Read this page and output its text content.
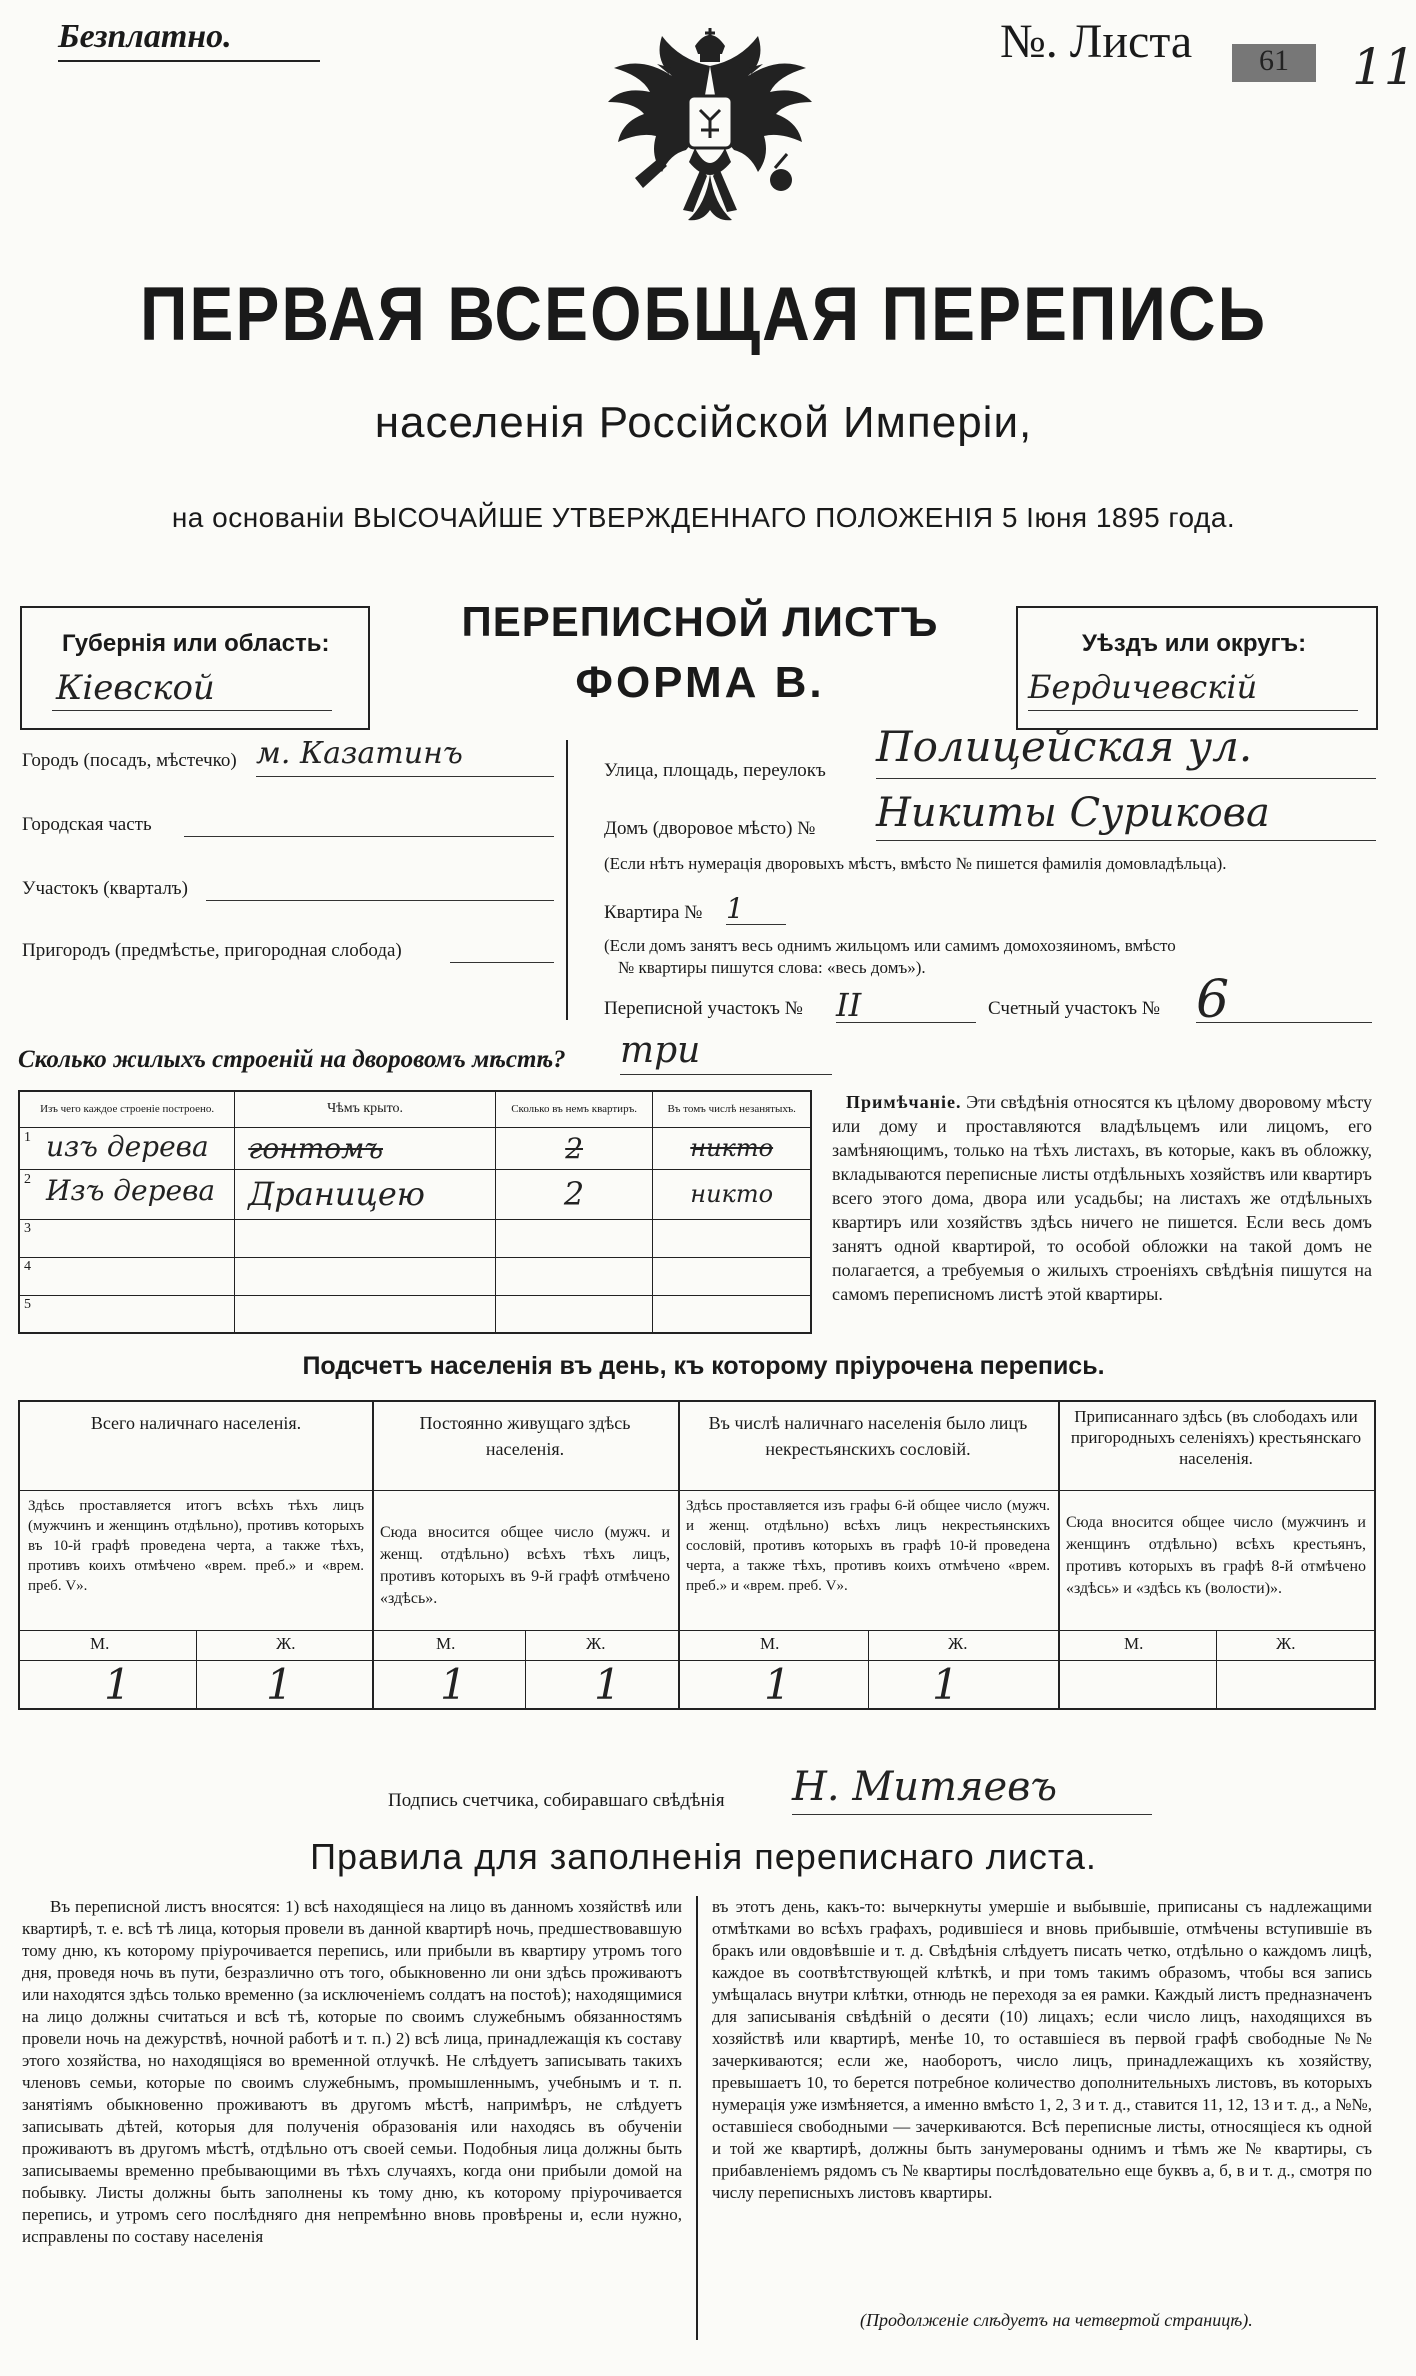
Безплатно.	№. Листа	61	11
ПЕРВАЯ ВСЕОБЩАЯ ПЕРЕПИСЬ
населенія Россійской Имперіи,
на основаніи ВЫСОЧАЙШЕ УТВЕРЖДЕННАГО ПОЛОЖЕНІЯ 5 Іюня 1895 года.
Губернія или область:
Кіевской
ПЕРЕПИСНОЙ ЛИСТЪ
ФОРМА В.
Уѣздъ или округъ:
Бердичевскій
Городъ (посадъ, мѣстечко) м. Казатинъ
Городская часть
Участокъ (кварталъ)
Пригородъ (предмѣстье, пригородная слобода)
Улица, площадь, переулокъ Полицейская ул.
Домъ (дворовое мѣсто) № Никиты Сурикова
(Если нѣтъ нумерація дворовыхъ мѣстъ, вмѣсто № пишется фамилія домовладѣльца).
Квартира № 1
(Если домъ занятъ весь однимъ жильцомъ или самимъ домохозяиномъ, вмѣсто
№ квартиры пишутся слова: «весь домъ»).
Переписной участокъ № II	Счетный участокъ № 6
Сколько жилыхъ строеній на дворовомъ мѣстѣ? три
Изъ чего каждое строеніе построено.	Чѣмъ крыто.	Сколько въ немъ квартиръ.	Въ томъ числѣ незанятыхъ.

1 изъ дерева	гонтомъ	2	никто

2 Изъ дерева	Драницею	2	никто
3			
4			
5			
Примѣчаніе. Эти свѣдѣнія относятся къ цѣлому дворовому мѣсту или дому и проставляются владѣльцемъ или лицомъ, его замѣняющимъ, только на тѣхъ листахъ, въ которые, какъ въ обложку, вкладываются переписные листы отдѣльныхъ хозяйствъ или квартиръ всего этого дома, двора или усадьбы; на листахъ же отдѣльныхъ квартиръ или хозяйствъ здѣсь ничего не пишется. Если весь домъ занятъ одной квартирой, то особой обложки на такой домъ не полагается, а требуемыя о жилыхъ строеніяхъ свѣдѣнія пишутся на самомъ переписномъ листѣ этой квартиры.
Подсчетъ населенія въ день, къ которому пріурочена перепись.
Всего наличнаго населенія.
Здѣсь проставляется итогъ всѣхъ тѣхъ лицъ (мужчинъ и женщинъ отдѣльно), противъ которыхъ въ 10-й графѣ проведена черта, а также тѣхъ, противъ коихъ отмѣчено «врем. преб.» и «врем. преб. V».
Постоянно живущаго здѣсь населенія.
Сюда вносится общее число (мужч. и женщ. отдѣльно) всѣхъ тѣхъ лицъ, противъ которыхъ въ 9-й графѣ отмѣчено «здѣсь».
Въ числѣ наличнаго населенія было лицъ некрестьянскихъ сословій.
Здѣсь проставляется изъ графы 6-й общее число (мужч. и женщ. отдѣльно) всѣхъ лицъ некрестьянскихъ сословій, противъ которыхъ въ графѣ 10-й проведена черта, а также тѣхъ, противъ коихъ отмѣчено «врем. преб.» и «врем. преб. V».
Приписаннаго здѣсь (въ слободахъ или пригородныхъ селеніяхъ) крестьянскаго населенія.
Сюда вносится общее число (мужчинъ и женщинъ отдѣльно) всѣхъ крестьянъ, противъ которыхъ въ графѣ 8-й отмѣчено «здѣсь» и «здѣсь къ (волости)».
М.	Ж.	М.	Ж.	М.	Ж.	М.	Ж.
1	1	1	1	1	1
Подпись счетчика, собиравшаго свѣдѣнія Н. Митяевъ
Правила для заполненія переписнаго листа.
Въ переписной листъ вносятся: 1) всѣ находящіеся на лицо въ данномъ хозяйствѣ или квартирѣ, т. е. всѣ тѣ лица, которыя провели въ данной квартирѣ ночь, предшествовавшую тому дню, къ которому пріурочивается перепись, или прибыли въ квартиру утромъ того дня, проведя ночь въ пути, безразлично отъ того, обыкновенно ли они здѣсь проживаютъ или находятся здѣсь только временно (за исключеніемъ солдатъ на постоѣ); находящимися на лицо должны считаться и всѣ тѣ, которые по своимъ служебнымъ обязанностямъ провели ночь на дежурствѣ, ночной работѣ и т. п.) 2) всѣ лица, принадлежащія къ составу этого хозяйства, но находящіяся во временной отлучкѣ. Не слѣдуетъ записывать такихъ членовъ семьи, которые по своимъ служебнымъ, промышленнымъ, учебнымъ и т. п. занятіямъ обыкновенно проживаютъ въ другомъ мѣстѣ, напримѣръ, не слѣдуетъ записывать дѣтей, которыя для полученія образованія или находясь въ обученіи проживаютъ въ другомъ мѣстѣ, отдѣльно отъ своей семьи. Подобныя лица должны быть записываемы временно пребывающими въ тѣхъ случаяхъ, когда они прибыли домой на побывку. Листы должны быть заполнены къ тому дню, къ которому пріурочивается перепись, и утромъ сего послѣдняго дня непремѣнно вновь провѣрены и, если нужно, исправлены по составу населенія
въ этотъ день, какъ-то: вычеркнуты умершіе и выбывшіе, приписаны съ надлежащими отмѣтками во всѣхъ графахъ, родившіеся и вновь прибывшіе, отмѣчены вступившіе въ бракъ или овдовѣвшіе и т. д. Свѣдѣнія слѣдуетъ писать четко, отдѣльно о каждомъ лицѣ, каждое въ соотвѣтствующей клѣткѣ, и при томъ такимъ образомъ, чтобы вся запись умѣщалась внутри клѣтки, отнюдь не переходя за ея рамки. Каждый листъ предназначенъ для записыванія свѣдѣній о десяти (10) лицахъ; если число лицъ, находящихся въ хозяйствѣ или квартирѣ, менѣе 10, то оставшіеся въ первой графѣ свободные №№ зачеркиваются; если же, наоборотъ, число лицъ, принадлежащихъ къ хозяйству, превышаетъ 10, то берется потребное количество дополнительныхъ листовъ, въ которыхъ нумерація уже измѣняется, а именно вмѣсто 1, 2, 3 и т. д., ставится 11, 12, 13 и т. д., а №№, оставшіеся свободными — зачеркиваются. Всѣ переписные листы, относящіеся къ одной и той же квартирѣ, должны быть занумерованы однимъ и тѣмъ же № квартиры, съ прибавленіемъ рядомъ съ № квартиры послѣдовательно еще буквъ а, б, в и т. д., смотря по числу переписныхъ листовъ квартиры.
(Продолженіе слѣдуетъ на четвертой страницѣ).
